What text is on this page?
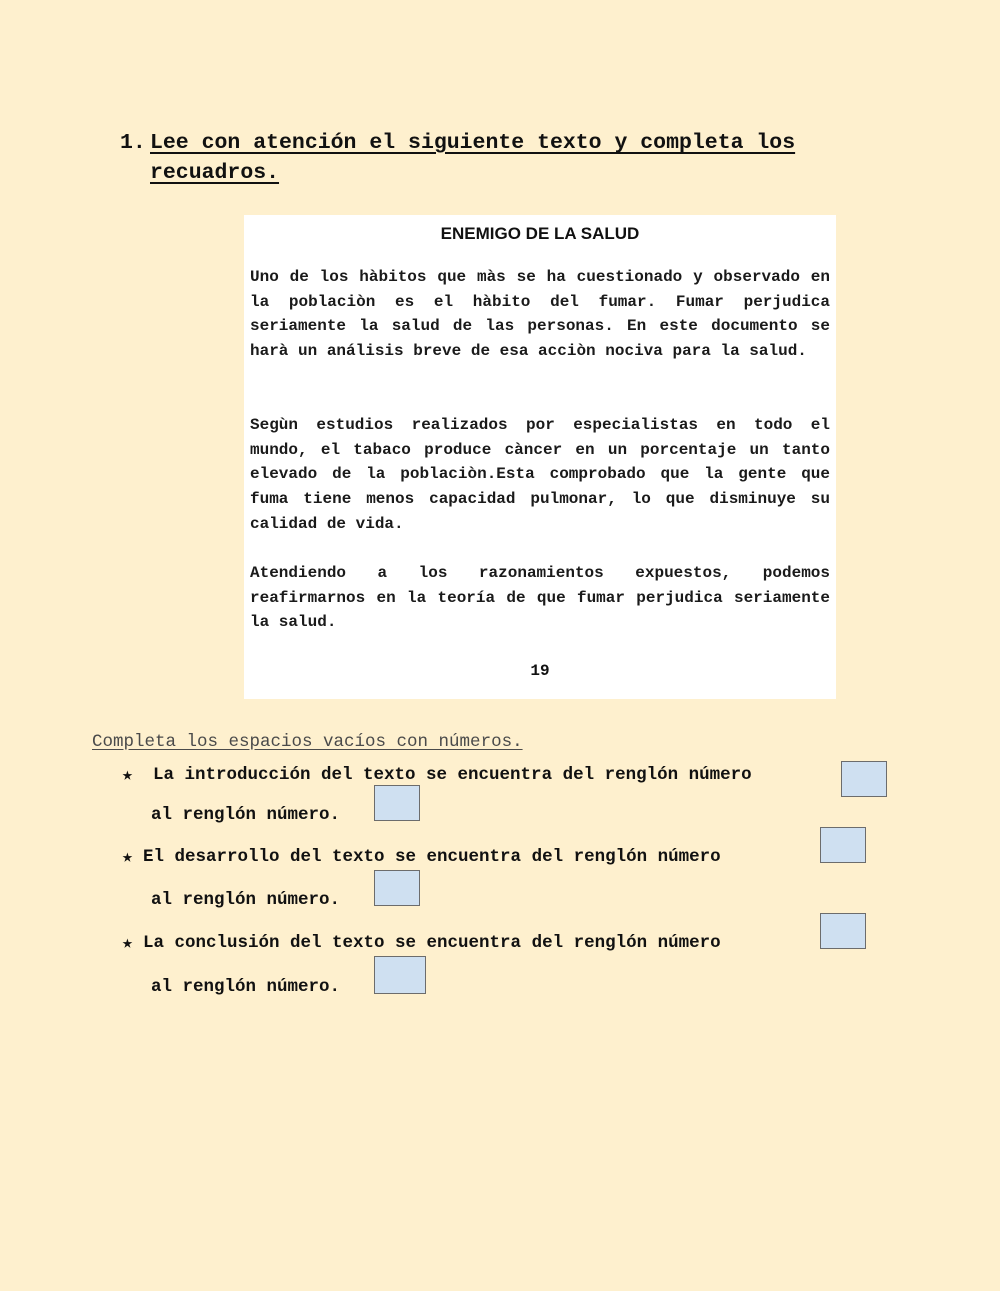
1. Lee con atención el siguiente texto y completa los recuadros.
ENEMIGO DE LA SALUD

Uno de los hàbitos que màs se ha cuestionado y observado en la poblaciòn es el hàbito del fumar. Fumar perjudica seriamente la salud de las personas. En este documento se harà un análisis breve de esa acciòn nociva para la salud.

Segùn estudios realizados por especialistas en todo el mundo, el tabaco produce càncer en un porcentaje un tanto elevado de la poblaciòn.Esta comprobado que la gente que fuma tiene menos capacidad pulmonar, lo que disminuye su calidad de vida.

Atendiendo a los razonamientos expuestos, podemos reafirmarnos en la teoría de que fumar perjudica seriamente la salud.

19
Completa los espacios vacíos con números.
★ La introducción del texto se encuentra del renglón número
al renglón número.
★ El desarrollo del texto se encuentra del renglón número
al renglón número.
★ La conclusión del texto se encuentra del renglón número
al renglón número.
